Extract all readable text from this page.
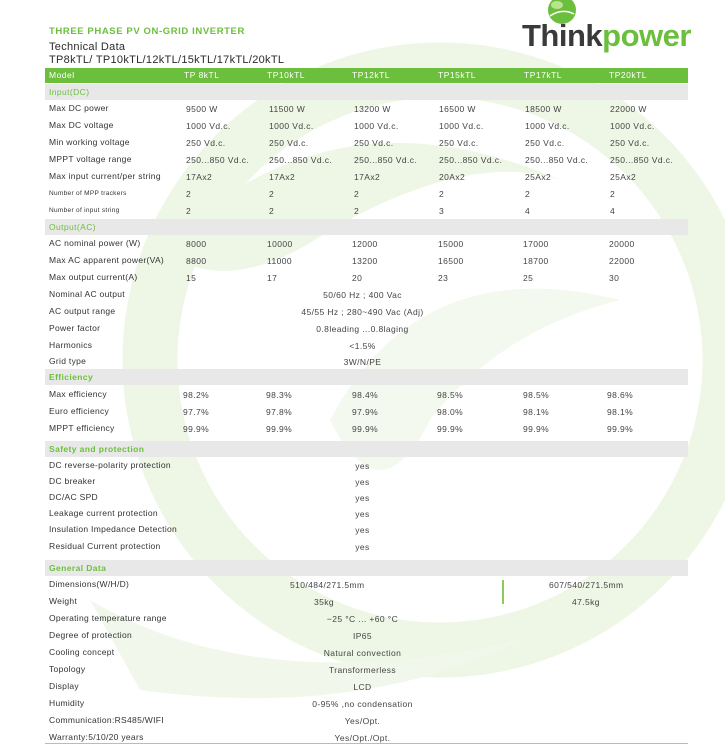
THREE PHASE PV ON-GRID INVERTER
Technical Data
TP8kTL/ TP10kTL/12kTL/15kTL/17kTL/20kTL
Thinkpower
Model	TP 8kTL	TP10kTL	TP12kTL	TP15kTL	TP17kTL	TP20kTL
Input(DC)
Max DC power	9500 W	11500 W	13200 W	16500 W	18500 W	22000 W
Max DC voltage	1000 Vd.c.	1000 Vd.c.	1000 Vd.c.	1000 Vd.c.	1000 Vd.c.	1000 Vd.c.
Min working voltage	250 Vd.c.	250 Vd.c.	250 Vd.c.	250 Vd.c.	250 Vd.c.	250 Vd.c.
MPPT voltage range	250...850 Vd.c. 250...850 Vd.c.	250...850 Vd.c.	250...850 Vd.c.	250...850 Vd.c.	250...850 Vd.c.
Max input current/per string	17Ax2	17Ax2	17Ax2	20Ax2	25Ax2	25Ax2
Number of MPP trackers	2	2	2	2	2	2
Number of input string	2	2	2	3	4	4
Output(AC)
AC nominal power (W)	8000	10000	12000	15000	17000	20000
Max AC apparent power(VA)	8800	11000	13200	16500	18700	22000
Max output current(A)	15	17	20	23	25	30
Nominal AC output	50/60 Hz ; 400 Vac
AC output range	45/55 Hz ; 280~490 Vac (Adj)
Power factor	0.8leading ...0.8laging
Harmonics	<1.5%
Grid type	3W/N/PE
Efficiency
Max efficiency	98.2%	98.3%	98.4%	98.5%	98.5%	98.6%
Euro efficiency	97.7%	97.8%	97.9%	98.0%	98.1%	98.1%
MPPT efficiency	99.9%	99.9%	99.9%	99.9%	99.9%	99.9%
Safety and protection
DC reverse-polarity protection	yes
DC breaker	yes
DC/AC SPD	yes
Leakage current protection	yes
Insulation Impedance Detection	yes
Residual Current protection	yes
General Data
Dimensions(W/H/D)	510/484/271.5mm	607/540/271.5mm
Weight	35kg	47.5kg
Operating temperature range	−25 °C ... +60 °C
Degree of protection	IP65
Cooling concept	Natural convection
Topology	Transformerless
Display	LCD
Humidity	0-95% ,no condensation
Communication:RS485/WIFI	Yes/Opt.
Warranty:5/10/20 years	Yes/Opt./Opt.
